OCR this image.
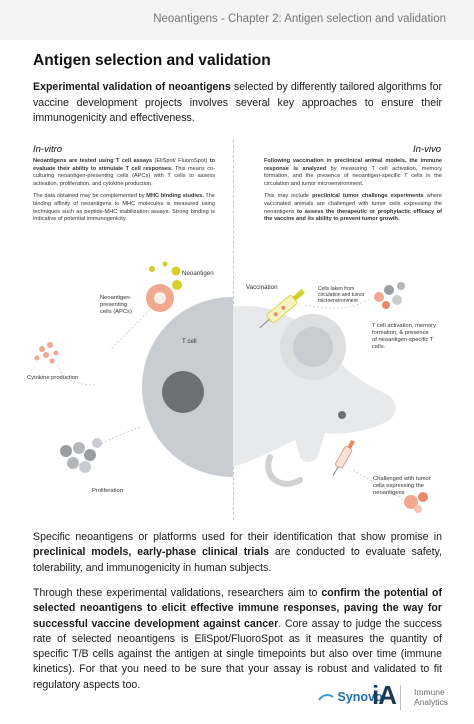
Neoantigens - Chapter 2: Antigen selection and validation
Antigen selection and validation

Experimental validation of neoantigens selected by differently tailored algorithms for vaccine development projects involves several key approaches to ensure their immunogenicity and effectiveness.

In-vitro	In-vivo

Neoantigens are tested using T cell assays (EliSpot/ FluoroSpot) to evaluate their ability to stimulate T cell responses. This means co-culturing neoantigen-presenting cells (APCs) with T cells to assess activation, proliferation, and cytokine production.

The data obtained may be complemented by MHC binding studies. The binding affinity of neoantigens to MHC molecules is measured using techniques such as peptide-MHC stabilization assays. Strong binding is indicative of potential immunogenicity.

Following vaccination in preclinical animal models, the immune response is analyzed by measuring T cell activation, memory formation, and the presence of neoantigen-specific T cells in the circulation and tumor microenvironment.

This may include preclinical tumor challenge experiments where vaccinated animals are challenged with tumor cells expressing the neoantigens to assess the therapeutic or prophylactic efficacy of the vaccine and its ability to prevent tumor growth.

Neoantigen
Neoantigen-
presenting
cells (APCs)
T cell
Cytokine production
Proliferation
Vaccination	Cells taken from
circulation and tumor
microenvironment
T cell activation, memory
formation, & presence
of neoantigen-specific T
cells.
Challenged with tumor
cells expressing the
neoantigens

Specific neoantigens or platforms used for their identification that show promise in preclinical models, early-phase clinical trials are conducted to evaluate safety, tolerability, and immunogenicity in human subjects.

Through these experimental validations, researchers aim to confirm the potential of selected neoantigens to elicit effective immune responses, paving the way for successful vaccine development against cancer. Core assay to judge the success rate of selected neoantigens is EliSpot/FluoroSpot as it measures the quantity of specific T/B cells against the antigen at single timepoints but also over time (immune kinetics). For that you need to be sure that your assay is robust and validated to fit regulatory aspects too.

Synovo
iA Immune
Analytics
